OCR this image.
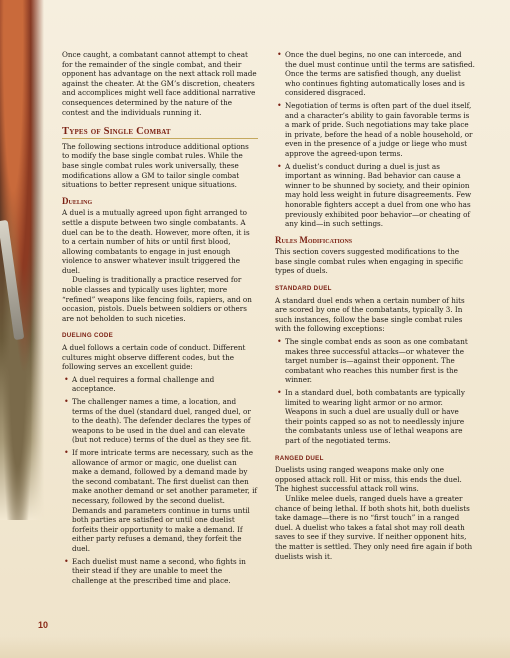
Once caught, a combatant cannot attempt to cheat for the remainder of the single combat, and their opponent has advantage on the next attack roll made against the cheater. At the GM’s discretion, cheaters and accomplices might well face additional narrative consequences determined by the nature of the contest and the individuals running it.

Types of Single Combat

The following sections introduce additional options to modify the base single combat rules. While the base single combat rules work universally, these modifications allow a GM to tailor single combat situations to better represent unique situations.

Dueling

A duel is a mutually agreed upon fight arranged to settle a dispute between two single combatants. A duel can be to the death. However, more often, it is to a certain number of hits or until first blood, allowing combatants to engage in just enough violence to answer whatever insult triggered the duel.

Dueling is traditionally a practice reserved for noble classes and typically uses lighter, more “refined” weapons like fencing foils, rapiers, and on occasion, pistols. Duels between soldiers or others are not beholden to such niceties.

DUELING CODE

A duel follows a certain code of conduct. Different cultures might observe different codes, but the following serves an excellent guide:

• A duel requires a formal challenge and acceptance.
• The challenger names a time, a location, and terms of the duel (standard duel, ranged duel, or to the death). The defender declares the types of weapons to be used in the duel and can elevate (but not reduce) terms of the duel as they see fit.
• If more intricate terms are necessary, such as the allowance of armor or magic, one duelist can make a demand, followed by a demand made by the second combatant. The first duelist can then make another demand or set another parameter, if necessary, followed by the second duelist. Demands and parameters continue in turns until both parties are satisfied or until one duelist forfeits their opportunity to make a demand. If either party refuses a demand, they forfeit the duel.
• Each duelist must name a second, who fights in their stead if they are unable to meet the challenge at the prescribed time and place.
• Once the duel begins, no one can intercede, and the duel must continue until the terms are satisfied. Once the terms are satisfied though, any duelist who continues fighting automatically loses and is considered disgraced.
• Negotiation of terms is often part of the duel itself, and a character’s ability to gain favorable terms is a mark of pride. Such negotiations may take place in private, before the head of a noble household, or even in the presence of a judge or liege who must approve the agreed-upon terms.
• A duelist’s conduct during a duel is just as important as winning. Bad behavior can cause a winner to be shunned by society, and their opinion may hold less weight in future disagreements. Few honorable fighters accept a duel from one who has previously exhibited poor behavior—or cheating of any kind—in such settings.
Rules Modifications

This section covers suggested modifications to the base single combat rules when engaging in specific types of duels.

STANDARD DUEL

A standard duel ends when a certain number of hits are scored by one of the combatants, typically 3. In such instances, follow the base single combat rules with the following exceptions:

• The single combat ends as soon as one combatant makes three successful attacks—or whatever the target number is—against their opponent. The combatant who reaches this number first is the winner.
• In a standard duel, both combatants are typically limited to wearing light armor or no armor. Weapons in such a duel are usually dull or have their points capped so as not to needlessly injure the combatants unless use of lethal weapons are part of the negotiated terms.
RANGED DUEL

Duelists using ranged weapons make only one opposed attack roll. Hit or miss, this ends the duel. The highest successful attack roll wins.

Unlike melee duels, ranged duels have a greater chance of being lethal. If both shots hit, both duelists take damage—there is no “first touch” in a ranged duel. A duelist who takes a fatal shot may roll death saves to see if they survive. If neither opponent hits, the matter is settled. They only need fire again if both duelists wish it.

10
